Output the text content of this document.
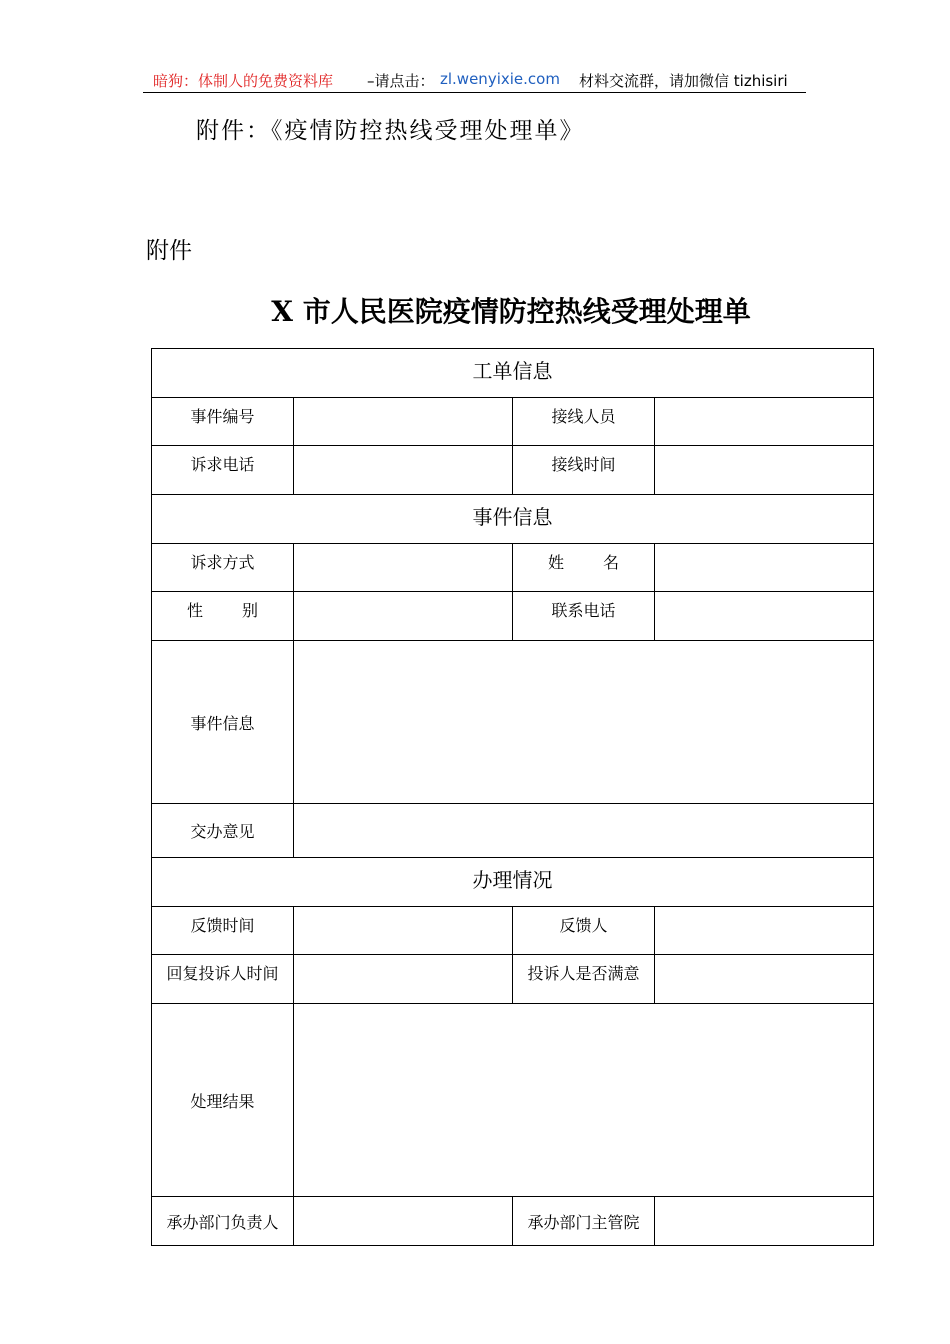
暗狗：体制人的免费资料库 –请点击： zl.wenyixie.com 材料交流群，请加微信 tizhisiri
附件：《疫情防控热线受理处理单》
附件
X 市人民医院疫情防控热线受理处理单
工单信息			
事件编号		接线人员	
诉求电话		接线时间	
事件信息			
诉求方式		姓 名	

性 别		联系电话	
事件信息			
交办意见			
办理情况			
反馈时间		反馈人	
回复投诉人时间		投诉人是否满意	
处理结果			
承办部门负责人		承办部门主管院	
